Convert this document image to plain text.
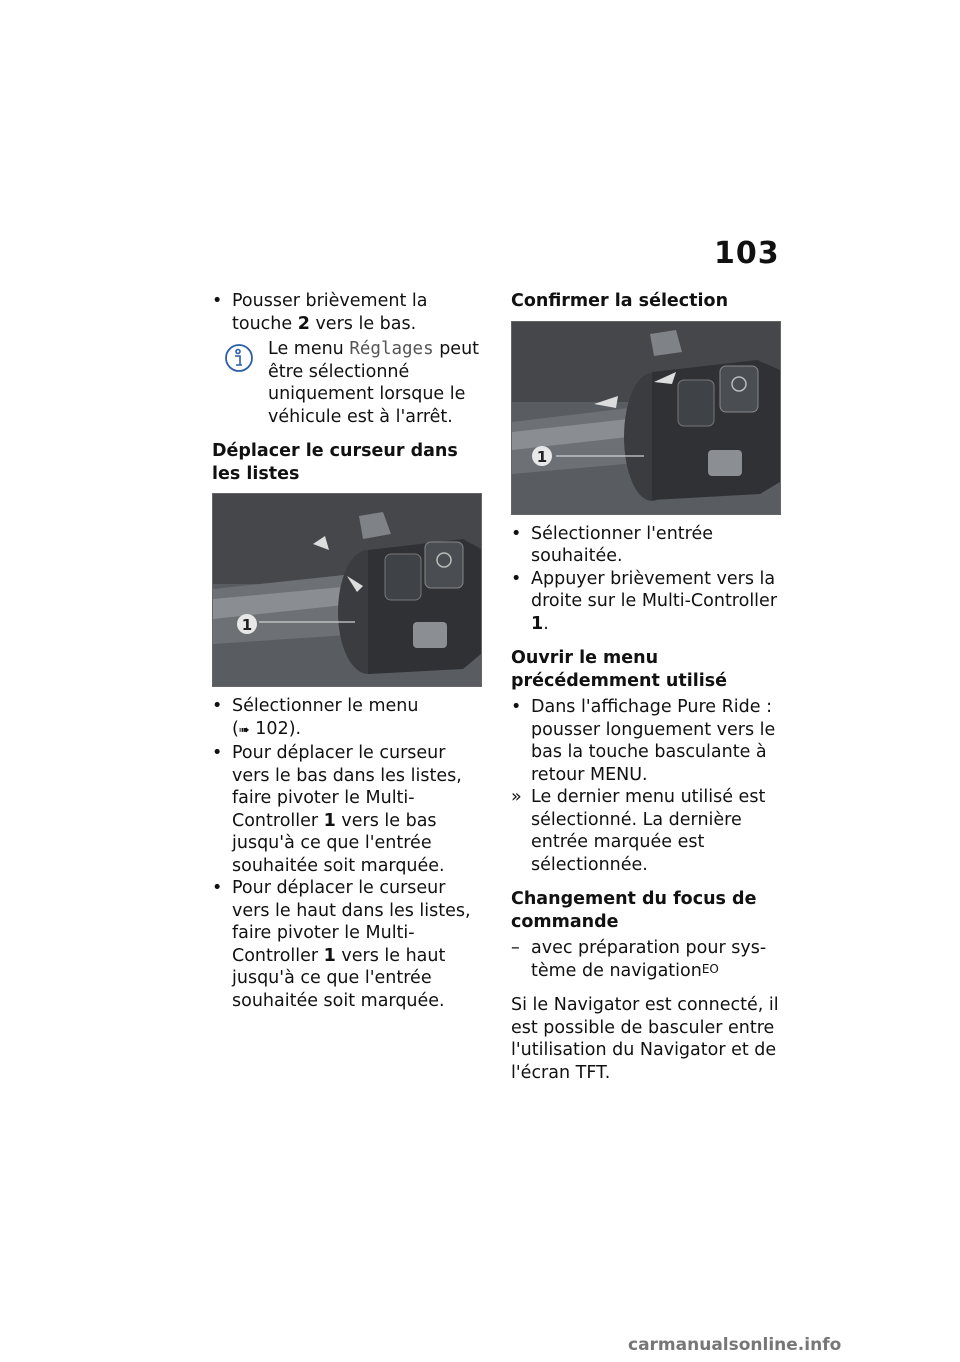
103

• Pousser brièvement la touche 2 vers le bas.

Le menu Réglages peut être sélectionné uniquement lorsque le véhicule est à l'arrêt.
Déplacer le curseur dans les listes
1

• Sélectionner le menu
(➠ 102).

• Pour déplacer le curseur vers le bas dans les listes, faire pivoter le Multi-Controller 1 vers le bas jusqu'à ce que l'entrée souhaitée soit marquée.

• Pour déplacer le curseur vers le haut dans les listes, faire pivoter le Multi-Controller 1 vers le haut jusqu'à ce que l'entrée souhaitée soit marquée.

Confirmer la sélection
1

• Sélectionner l'entrée souhaitée.

• Appuyer brièvement vers la droite sur le Multi-Controller 1.

Ouvrir le menu précédemment utilisé

• Dans l'affichage Pure Ride : pousser longuement vers le bas la touche basculante à retour MENU.

» Le dernier menu utilisé est sélectionné. La dernière entrée marquée est sélectionnée.

Changement du focus de commande

– avec préparation pour système de navigation$^{EO}$

Si le Navigator est connecté, il est possible de basculer entre l'utilisation du Navigator et de l'écran TFT.

carmanualsonline.info
